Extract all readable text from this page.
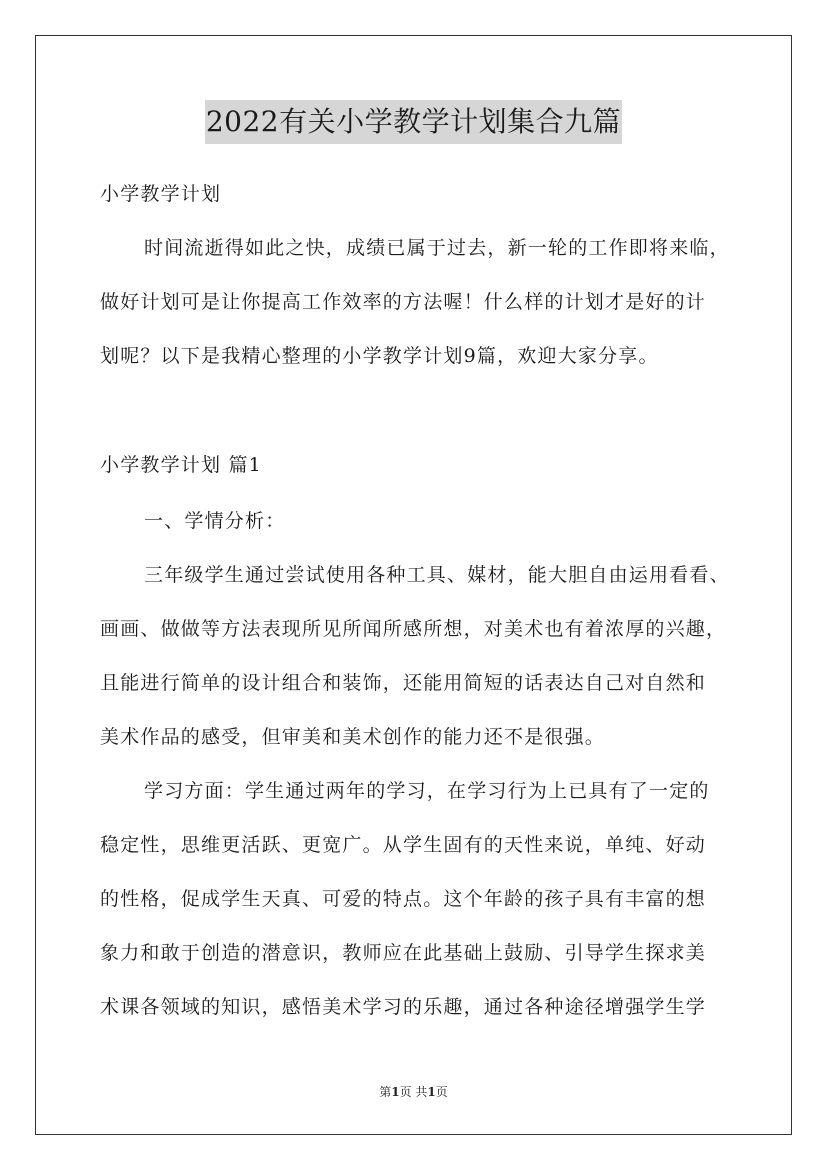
2022有关小学教学计划集合九篇
小学教学计划
时间流逝得如此之快，成绩已属于过去，新一轮的工作即将来临，
做好计划可是让你提高工作效率的方法喔！什么样的计划才是好的计
划呢？以下是我精心整理的小学教学计划9篇，欢迎大家分享。
小学教学计划 篇1
一、学情分析：
三年级学生通过尝试使用各种工具、媒材，能大胆自由运用看看、
画画、做做等方法表现所见所闻所感所想，对美术也有着浓厚的兴趣，
且能进行简单的设计组合和装饰，还能用简短的话表达自己对自然和
美术作品的感受，但审美和美术创作的能力还不是很强。
学习方面：学生通过两年的学习，在学习行为上已具有了一定的
稳定性，思维更活跃、更宽广。从学生固有的天性来说，单纯、好动
的性格，促成学生天真、可爱的特点。这个年龄的孩子具有丰富的想
象力和敢于创造的潜意识，教师应在此基础上鼓励、引导学生探求美
术课各领域的知识，感悟美术学习的乐趣，通过各种途径增强学生学
第1页 共1页
